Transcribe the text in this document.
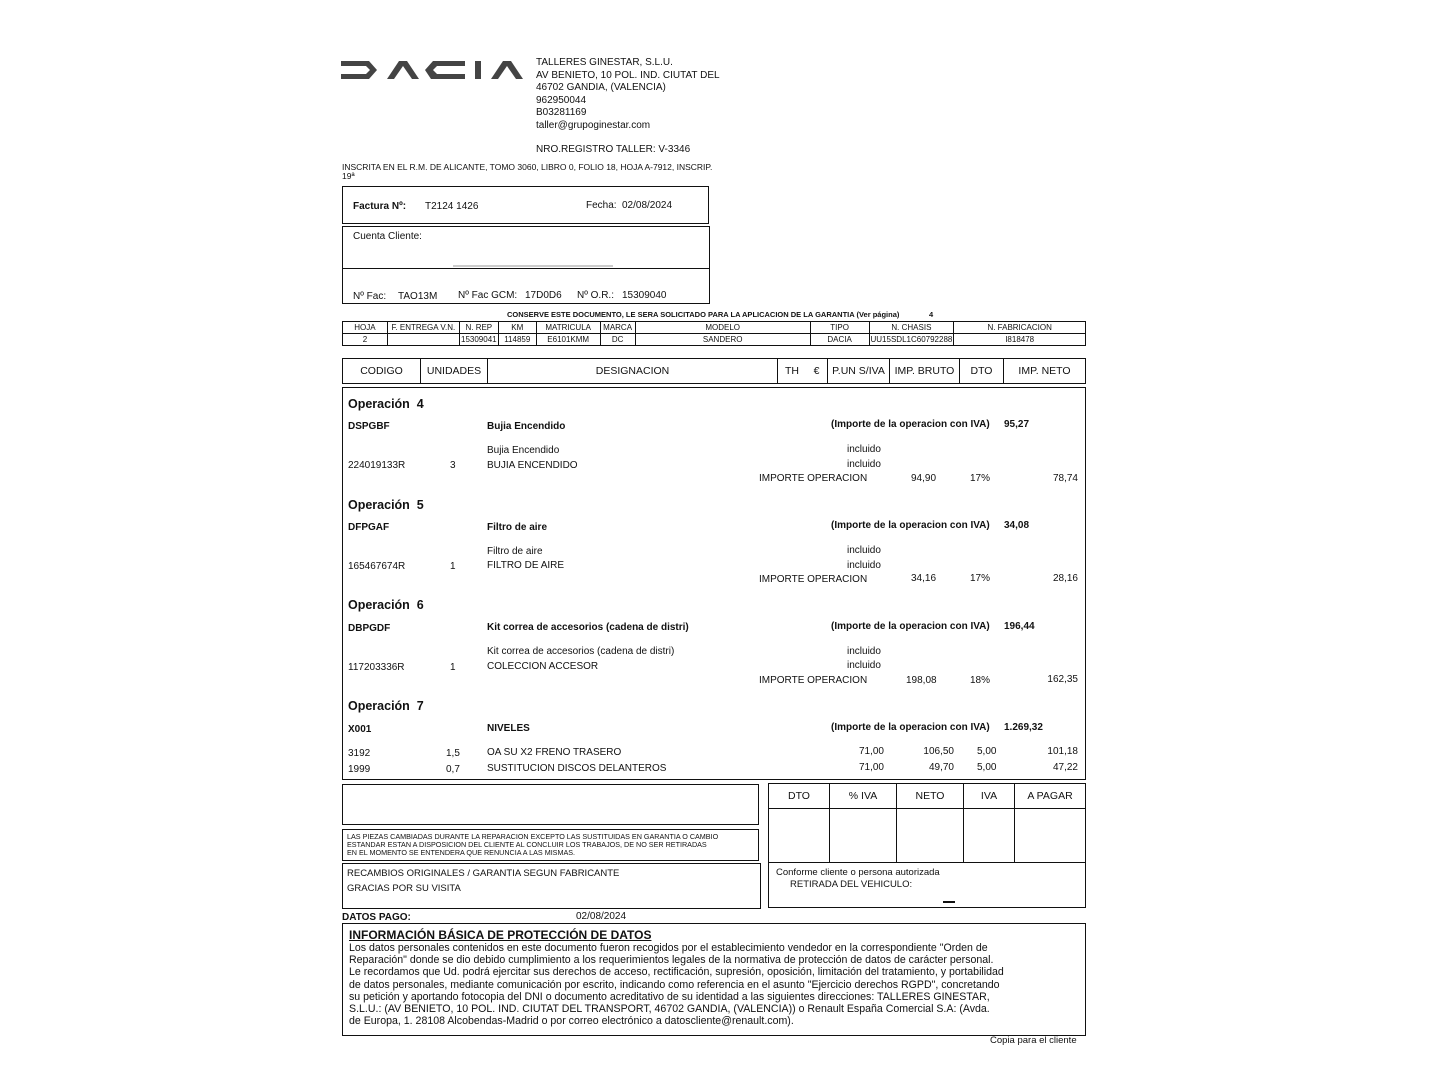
TALLERES GINESTAR, S.L.U.
AV BENIETO, 10 POL. IND. CIUTAT DEL
46702 GANDIA, (VALENCIA)
962950044
B03281169
taller@grupoginestar.com
NRO.REGISTRO TALLER: V-3346
INSCRITA EN EL R.M. DE ALICANTE, TOMO 3060, LIBRO 0, FOLIO 18, HOJA A-7912, INSCRIP.
19ª
Factura Nº: T2124 1426	Fecha: 02/08/2024
Cuenta Cliente:
Nº Fac: TAO13M Nº Fac GCM: 17D0D6 Nº O.R.: 15309040
CONSERVE ESTE DOCUMENTO, LE SERA SOLICITADO PARA LA APLICACION DE LA GARANTIA (Ver página)	4
HOJA	F. ENTREGA V.N.	N. REP	KM	MATRICULA	MARCA	MODELO	TIPO	N. CHASIS	N. FABRICACION
2		15309041	114859	E6101KMM	DC	SANDERO	DACIA	UU15SDL1C60792288	I818478
CODIGO	UNIDADES	DESIGNACION	TH	€	P.UN S/IVA IMP. BRUTO	DTO	IMP. NETO
Operación 4
DSPGBF	Bujia Encendido	(Importe de la operacion con IVA) 95,27
Bujia Encendido	incluido
224019133R	3	BUJIA ENCENDIDO	incluido
IMPORTE OPERACION	94,90	17%	78,74
Operación 5
DFPGAF	Filtro de aire	(Importe de la operacion con IVA) 34,08
Filtro de aire	incluido
165467674R	1	FILTRO DE AIRE	incluido
IMPORTE OPERACION	34,16	17%	28,16
Operación 6
DBPGDF	Kit correa de accesorios (cadena de distri)	(Importe de la operacion con IVA) 196,44
Kit correa de accesorios (cadena de distri)	incluido
117203336R	1	COLECCION ACCESOR	incluido
IMPORTE OPERACION	198,08	18%	162,35
Operación 7
X001	NIVELES	(Importe de la operacion con IVA) 1.269,32
3192	1,5	OA SU X2 FRENO TRASERO	71,00	106,50 5,00	101,18
1999	0,7	SUSTITUCION DISCOS DELANTEROS	71,00	49,70 5,00	47,22
LAS PIEZAS CAMBIADAS DURANTE LA REPARACION EXCEPTO LAS SUSTITUIDAS EN GARANTIA O CAMBIO
ESTANDAR ESTAN A DISPOSICION DEL CLIENTE AL CONCLUIR LOS TRABAJOS, DE NO SER RETIRADAS
EN EL MOMENTO SE ENTENDERA QUE RENUNCIA A LAS MISMAS.
RECAMBIOS ORIGINALES / GARANTIA SEGUN FABRICANTE
GRACIAS POR SU VISITA
DTO	% IVA	NETO	IVA	A PAGAR
Conforme cliente o persona autorizada
RETIRADA DEL VEHICULO:
DATOS PAGO:	02/08/2024
INFORMACIÓN BÁSICA DE PROTECCIÓN DE DATOS

Los datos personales contenidos en este documento fueron recogidos por el establecimiento vendedor en la correspondiente "Orden de

Reparación" donde se dio debido cumplimiento a los requerimientos legales de la normativa de protección de datos de carácter personal.

Le recordamos que Ud. podrá ejercitar sus derechos de acceso, rectificación, supresión, oposición, limitación del tratamiento, y portabilidad

de datos personales, mediante comunicación por escrito, indicando como referencia en el asunto "Ejercicio derechos RGPD", concretando

su petición y aportando fotocopia del DNI o documento acreditativo de su identidad a las siguientes direcciones: TALLERES GINESTAR,

S.L.U.: (AV BENIETO, 10 POL. IND. CIUTAT DEL TRANSPORT, 46702 GANDIA, (VALENCIA)) o Renault España Comercial S.A: (Avda.

de Europa, 1. 28108 Alcobendas-Madrid o por correo electrónico a datoscliente@renault.com).

Copia para el cliente
